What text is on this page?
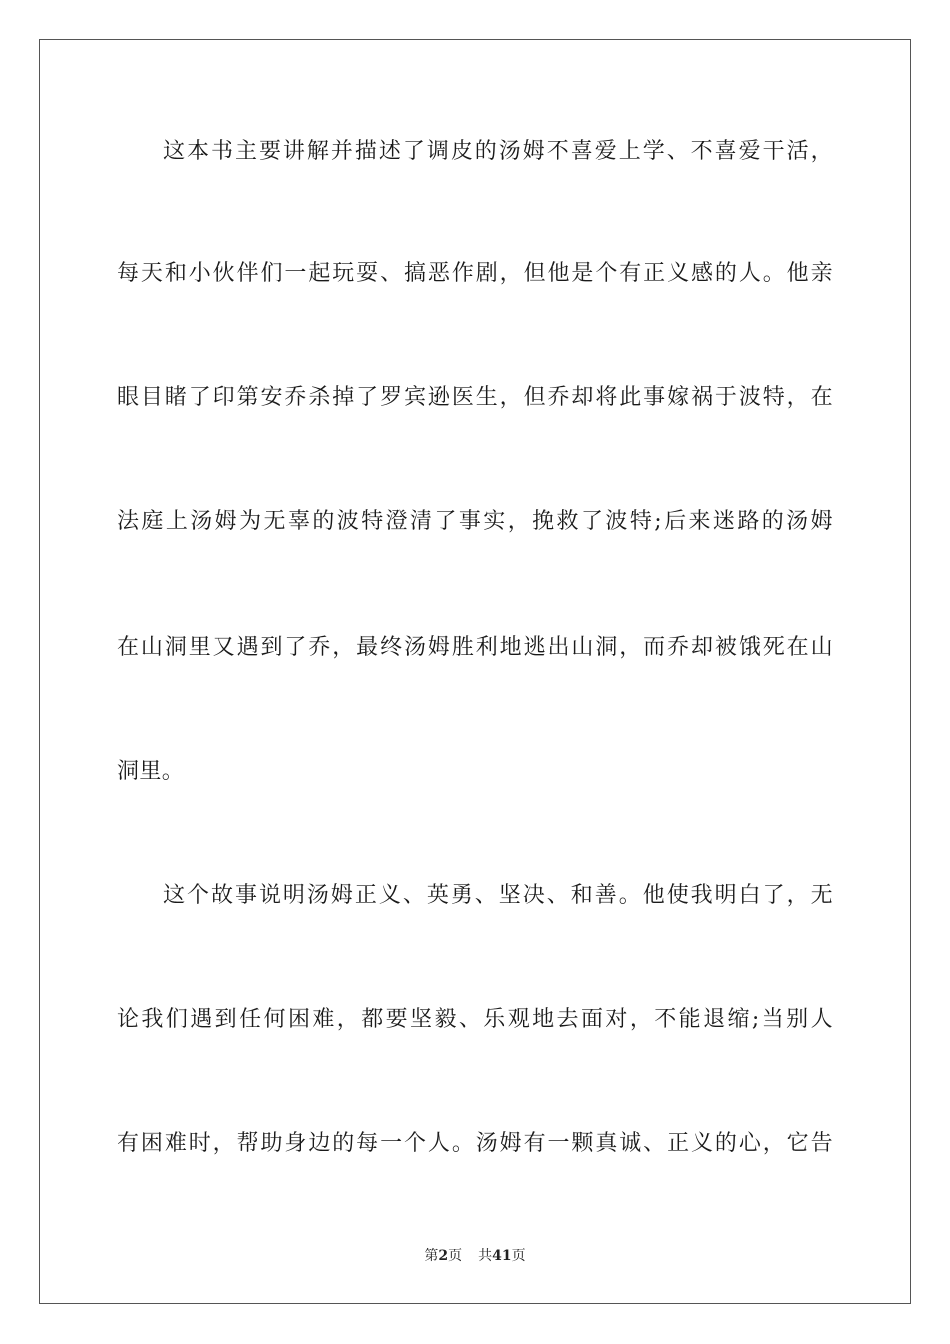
这本书主要讲解并描述了调皮的汤姆不喜爱上学、不喜爱干活，
每天和小伙伴们一起玩耍、搞恶作剧，但他是个有正义感的人。他亲
眼目睹了印第安乔杀掉了罗宾逊医生，但乔却将此事嫁祸于波特，在
法庭上汤姆为无辜的波特澄清了事实，挽救了波特;后来迷路的汤姆
在山洞里又遇到了乔，最终汤姆胜利地逃出山洞，而乔却被饿死在山
洞里。
这个故事说明汤姆正义、英勇、坚决、和善。他使我明白了，无
论我们遇到任何困难，都要坚毅、乐观地去面对，不能退缩;当别人
有困难时，帮助身边的每一个人。汤姆有一颗真诚、正义的心，它告
第2页 共41页
